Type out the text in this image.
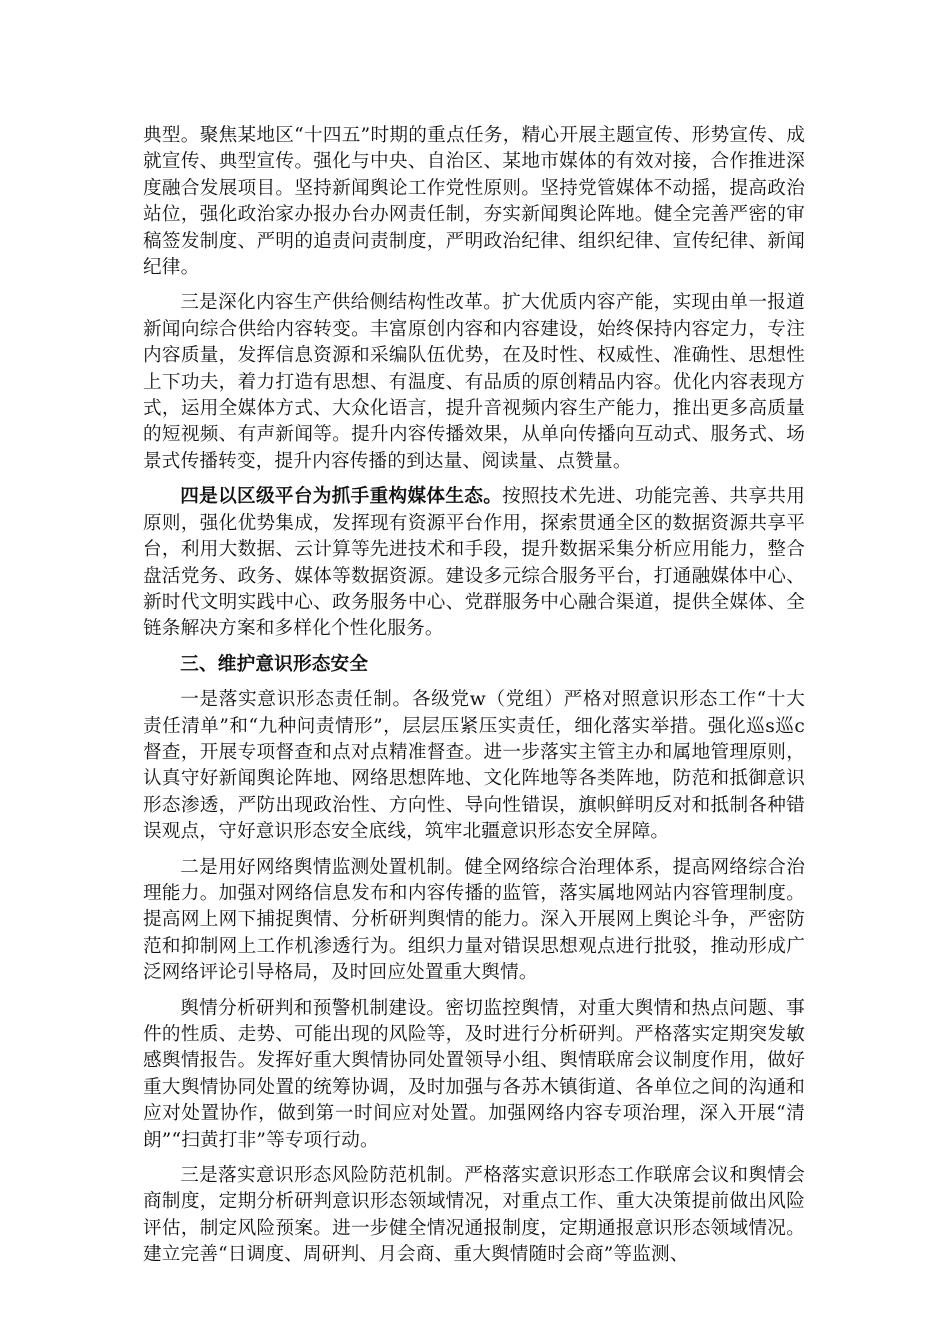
典型。聚焦某地区“十四五”时期的重点任务，精心开展主题宣传、形势宣传、成就宣传、典型宣传。强化与中央、自治区、某地市媒体的有效对接，合作推进深度融合发展项目。坚持新闻舆论工作党性原则。坚持党管媒体不动摇，提高政治站位，强化政治家办报办台办网责任制，夯实新闻舆论阵地。健全完善严密的审稿签发制度、严明的追责问责制度，严明政治纪律、组织纪律、宣传纪律、新闻纪律。

三是深化内容生产供给侧结构性改革。扩大优质内容产能，实现由单一报道新闻向综合供给内容转变。丰富原创内容和内容建设，始终保持内容定力，专注内容质量，发挥信息资源和采编队伍优势，在及时性、权威性、准确性、思想性上下功夫，着力打造有思想、有温度、有品质的原创精品内容。优化内容表现方式，运用全媒体方式、大众化语言，提升音视频内容生产能力，推出更多高质量的短视频、有声新闻等。提升内容传播效果，从单向传播向互动式、服务式、场景式传播转变，提升内容传播的到达量、阅读量、点赞量。

四是以区级平台为抓手重构媒体生态。按照技术先进、功能完善、共享共用原则，强化优势集成，发挥现有资源平台作用，探索贯通全区的数据资源共享平台，利用大数据、云计算等先进技术和手段，提升数据采集分析应用能力，整合盘活党务、政务、媒体等数据资源。建设多元综合服务平台，打通融媒体中心、新时代文明实践中心、政务服务中心、党群服务中心融合渠道，提供全媒体、全链条解决方案和多样化个性化服务。

三、维护意识形态安全

一是落实意识形态责任制。各级党w（党组）严格对照意识形态工作“十大责任清单”和“九种问责情形”，层层压紧压实责任，细化落实举措。强化巡s巡c督查，开展专项督查和点对点精准督查。进一步落实主管主办和属地管理原则，认真守好新闻舆论阵地、网络思想阵地、文化阵地等各类阵地，防范和抵御意识形态渗透，严防出现政治性、方向性、导向性错误，旗帜鲜明反对和抵制各种错误观点，守好意识形态安全底线，筑牢北疆意识形态安全屏障。

二是用好网络舆情监测处置机制。健全网络综合治理体系，提高网络综合治理能力。加强对网络信息发布和内容传播的监管，落实属地网站内容管理制度。提高网上网下捕捉舆情、分析研判舆情的能力。深入开展网上舆论斗争，严密防范和抑制网上工作机渗透行为。组织力量对错误思想观点进行批驳，推动形成广泛网络评论引导格局，及时回应处置重大舆情。

舆情分析研判和预警机制建设。密切监控舆情，对重大舆情和热点问题、事件的性质、走势、可能出现的风险等，及时进行分析研判。严格落实定期突发敏感舆情报告。发挥好重大舆情协同处置领导小组、舆情联席会议制度作用，做好重大舆情协同处置的统筹协调，及时加强与各苏木镇街道、各单位之间的沟通和应对处置协作，做到第一时间应对处置。加强网络内容专项治理，深入开展“清朗”“扫黄打非”等专项行动。

三是落实意识形态风险防范机制。严格落实意识形态工作联席会议和舆情会商制度，定期分析研判意识形态领域情况，对重点工作、重大决策提前做出风险评估，制定风险预案。进一步健全情况通报制度，定期通报意识形态领域情况。建立完善“日调度、周研判、月会商、重大舆情随时会商”等监测、
